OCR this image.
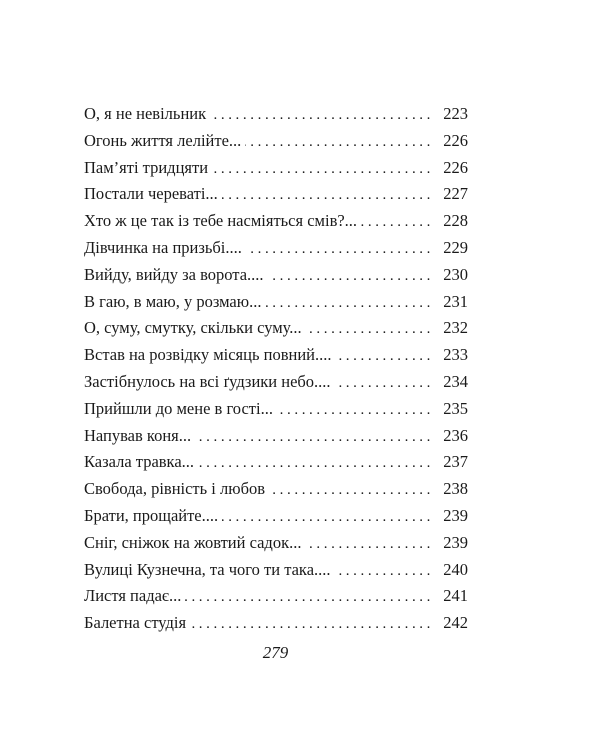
О, я не невільник .....	223
Огонь життя лелійте... .....	226
Пам’яті тридцяти .....	226
Постали череваті... .....	227
Хто ж це так із тебе насміяться смів?... .....	228
Дівчинка на призьбі.... .....	229
Вийду, вийду за ворота.... .....	230
В гаю, в маю, у розмаю... .....	231
О, суму, смутку, скільки суму... .....	232
Встав на розвідку місяць повний.... .....	233
Застібнулось на всі ґудзики небо.... .....	234
Прийшли до мене в гості... .....	235
Напував коня... .....	236
Казала травка... .....	237
Свобода, рівність і любов .....	238
Брати, прощайте.... .....	239
Сніг, сніжок на жовтий садок... .....	239
Вулиці Кузнечна, та чого ти така.... .....	240
Листя падає... .....	241
Балетна студія .....	242
279
